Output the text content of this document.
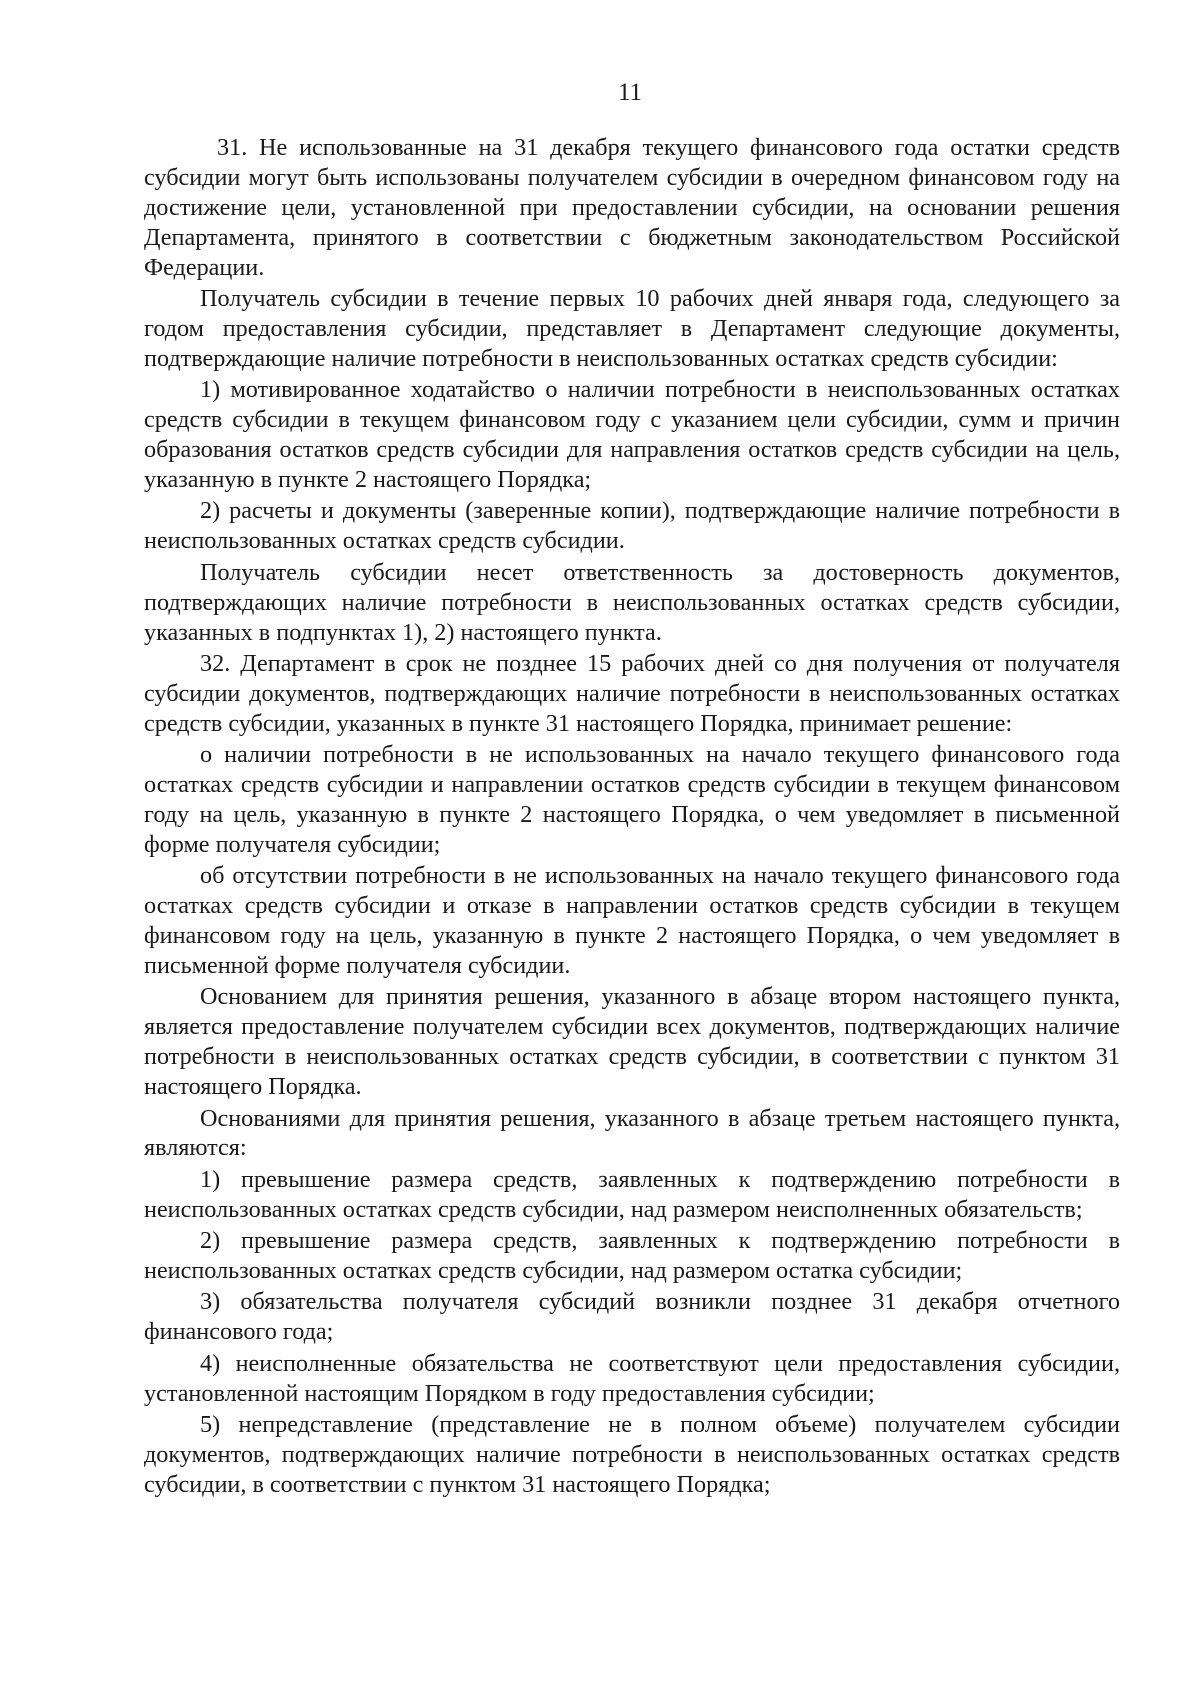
11

31. Не использованные на 31 декабря текущего финансового года остатки средств субсидии могут быть использованы получателем субсидии в очередном финансовом году на достижение цели, установленной при предоставлении субсидии, на основании решения Департамента, принятого в соответствии с бюджетным законодательством Российской Федерации.

Получатель субсидии в течение первых 10 рабочих дней января года, следующего за годом предоставления субсидии, представляет в Департамент следующие документы, подтверждающие наличие потребности в неиспользованных остатках средств субсидии:

1) мотивированное ходатайство о наличии потребности в неиспользованных остатках средств субсидии в текущем финансовом году с указанием цели субсидии, сумм и причин образования остатков средств субсидии для направления остатков средств субсидии на цель, указанную в пункте 2 настоящего Порядка;

2) расчеты и документы (заверенные копии), подтверждающие наличие потребности в неиспользованных остатках средств субсидии.

Получатель субсидии несет ответственность за достоверность документов, подтверждающих наличие потребности в неиспользованных остатках средств субсидии, указанных в подпунктах 1), 2) настоящего пункта.

32. Департамент в срок не позднее 15 рабочих дней со дня получения от получателя субсидии документов, подтверждающих наличие потребности в неиспользованных остатках средств субсидии, указанных в пункте 31 настоящего Порядка, принимает решение:

о наличии потребности в не использованных на начало текущего финансового года остатках средств субсидии и направлении остатков средств субсидии в текущем финансовом году на цель, указанную в пункте 2 настоящего Порядка, о чем уведомляет в письменной форме получателя субсидии;

об отсутствии потребности в не использованных на начало текущего финансового года остатках средств субсидии и отказе в направлении остатков средств субсидии в текущем финансовом году на цель, указанную в пункте 2 настоящего Порядка, о чем уведомляет в письменной форме получателя субсидии.

Основанием для принятия решения, указанного в абзаце втором настоящего пункта, является предоставление получателем субсидии всех документов, подтверждающих наличие потребности в неиспользованных остатках средств субсидии, в соответствии с пунктом 31 настоящего Порядка.

Основаниями для принятия решения, указанного в абзаце третьем настоящего пункта, являются:

1) превышение размера средств, заявленных к подтверждению потребности в неиспользованных остатках средств субсидии, над размером неисполненных обязательств;

2) превышение размера средств, заявленных к подтверждению потребности в неиспользованных остатках средств субсидии, над размером остатка субсидии;

3) обязательства получателя субсидий возникли позднее 31 декабря отчетного финансового года;

4) неисполненные обязательства не соответствуют цели предоставления субсидии, установленной настоящим Порядком в году предоставления субсидии;

5) непредставление (представление не в полном объеме) получателем субсидии документов, подтверждающих наличие потребности в неиспользованных остатках средств субсидии, в соответствии с пунктом 31 настоящего Порядка;
